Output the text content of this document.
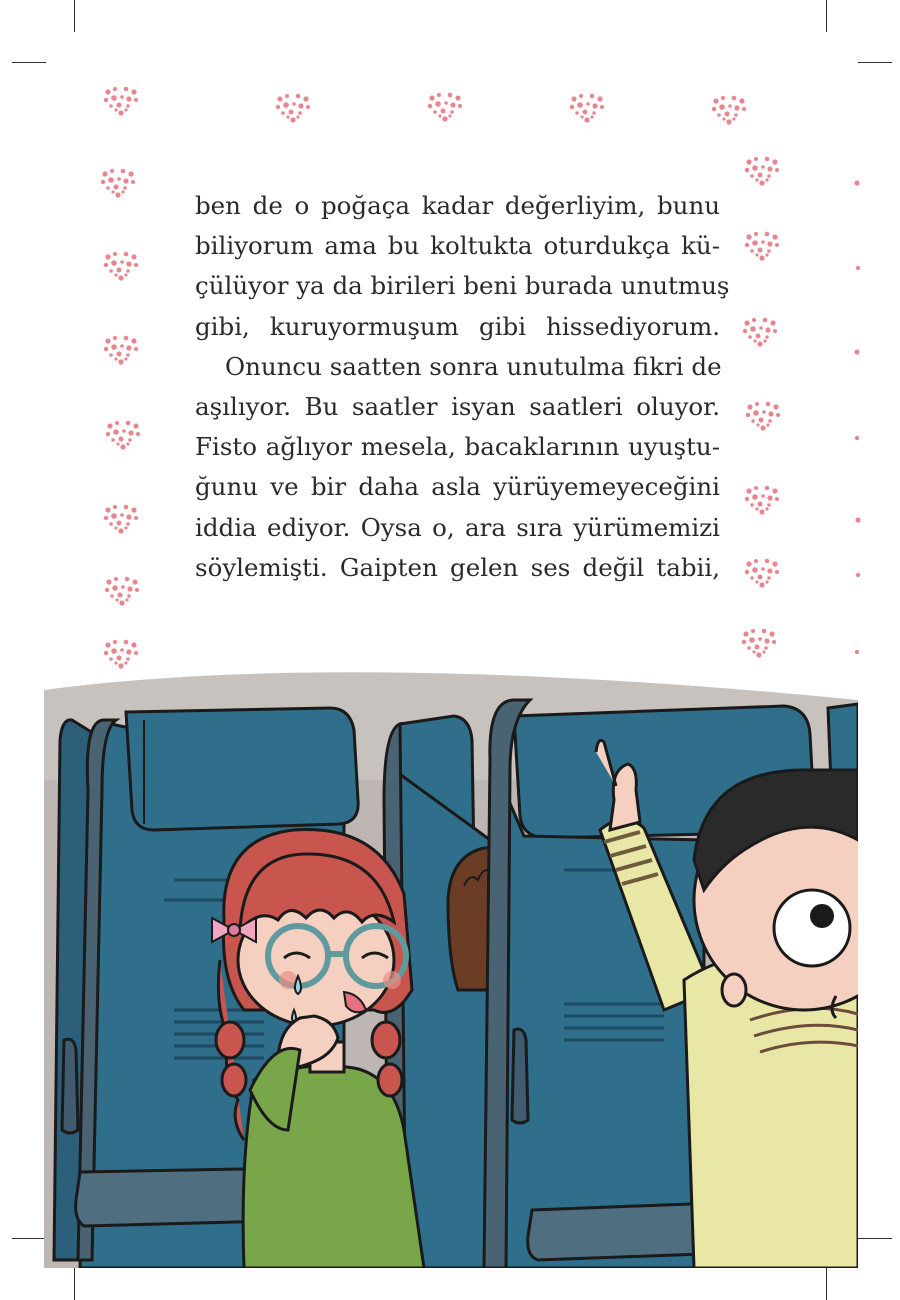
ben de o poğaça kadar değerliyim, bunu
biliyorum ama bu koltukta oturdukça kü-
çülüyor ya da birileri beni burada unutmuş
gibi, kuruyormuşum gibi hissediyorum.

Onuncu saatten sonra unutulma fikri de
aşılıyor. Bu saatler isyan saatleri oluyor.
Fisto ağlıyor mesela, bacaklarının uyuştu-
ğunu ve bir daha asla yürüyemeyeceğini
iddia ediyor. Oysa o, ara sıra yürümemizi
söylemişti. Gaipten gelen ses değil tabii,
